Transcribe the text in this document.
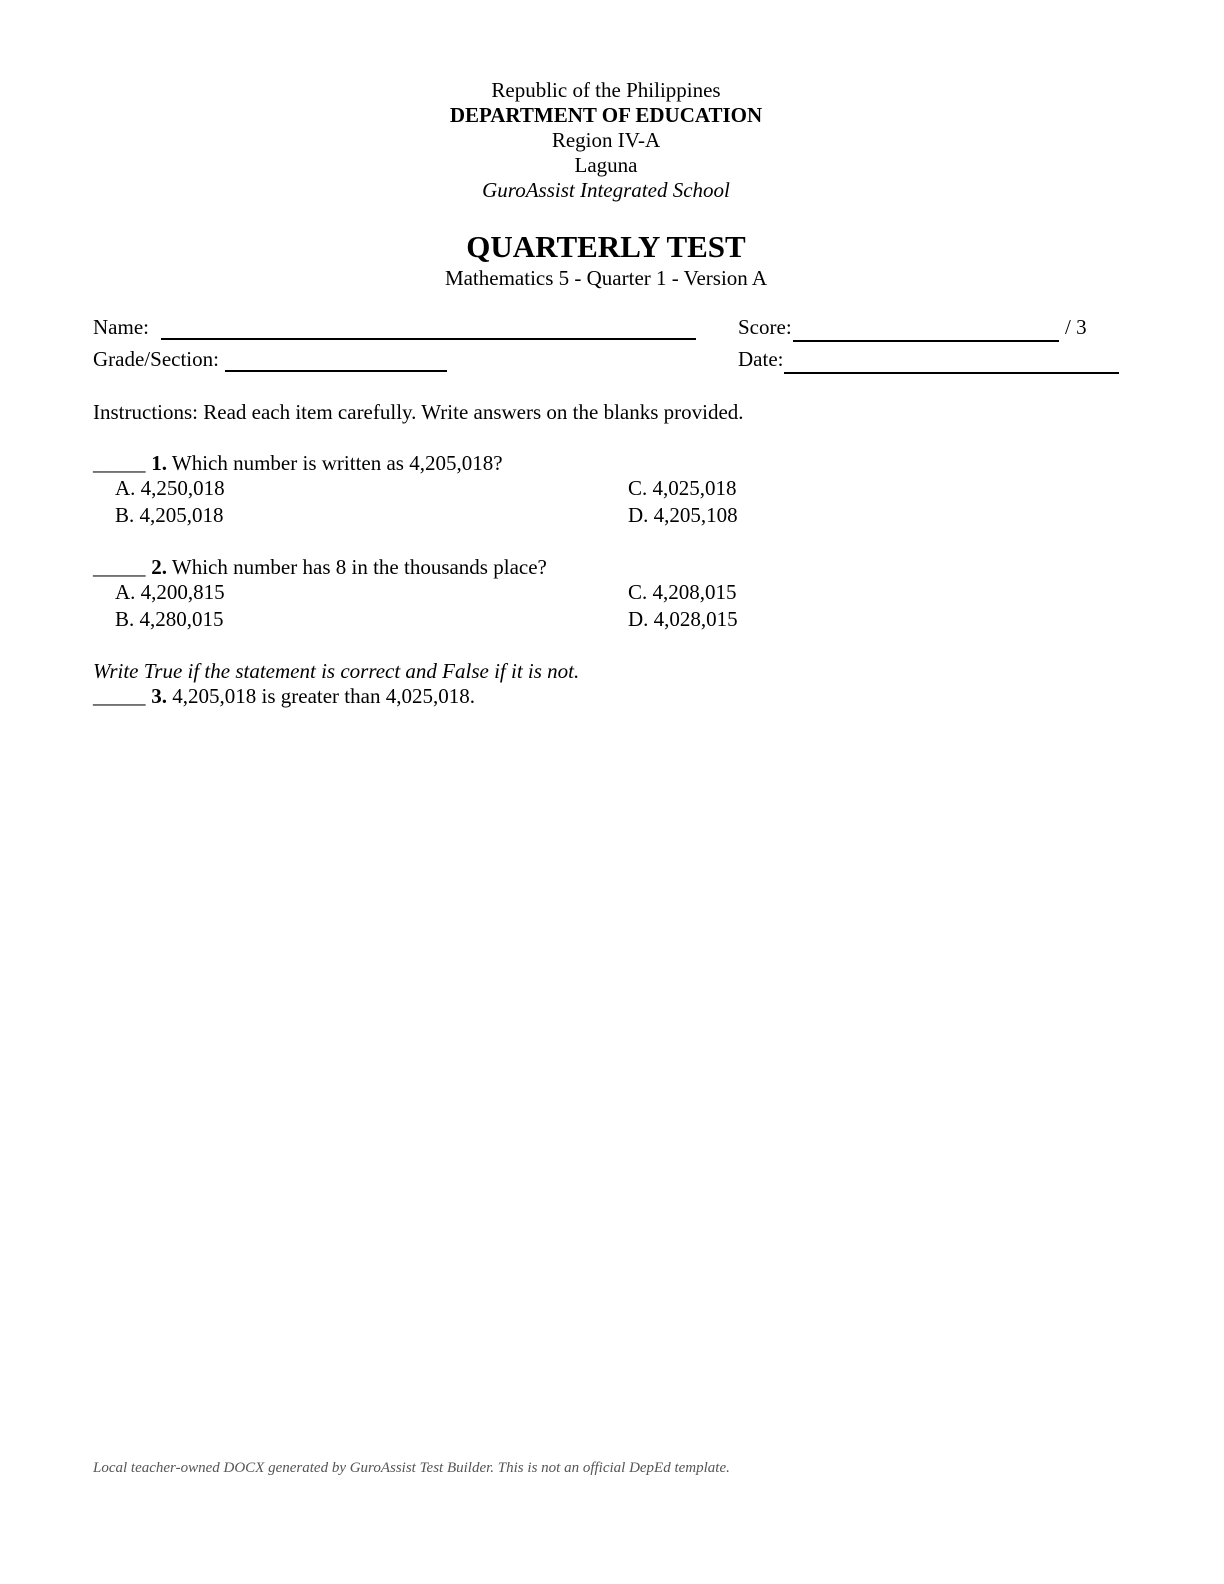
Republic of the Philippines
DEPARTMENT OF EDUCATION
Region IV-A
Laguna
GuroAssist Integrated School
QUARTERLY TEST
Mathematics 5 - Quarter 1 - Version A
Name:	Score:	/ 3
Grade/Section:	Date:
Instructions: Read each item carefully. Write answers on the blanks provided.
_____ 1. Which number is written as 4,205,018?
A. 4,250,018
B. 4,205,018
C. 4,025,018
D. 4,205,108
_____ 2. Which number has 8 in the thousands place?
A. 4,200,815
B. 4,280,015
C. 4,208,015
D. 4,028,015
Write True if the statement is correct and False if it is not.
_____ 3. 4,205,018 is greater than 4,025,018.
Local teacher-owned DOCX generated by GuroAssist Test Builder. This is not an official DepEd template.
